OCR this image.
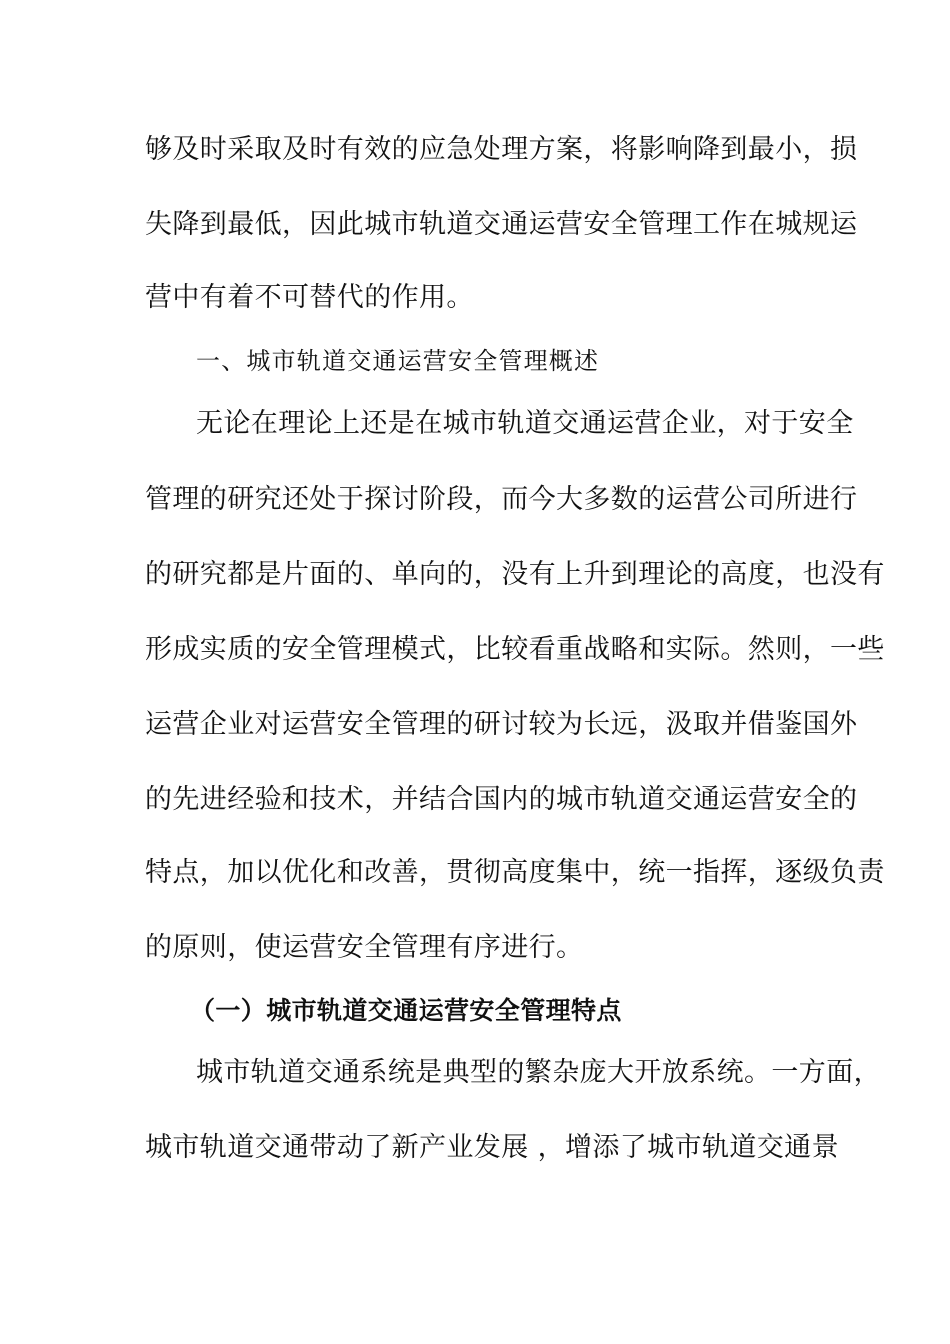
够及时采取及时有效的应急处理方案，将影响降到最小，损
失降到最低，因此城市轨道交通运营安全管理工作在城规运
营中有着不可替代的作用。
一、城市轨道交通运营安全管理概述
无论在理论上还是在城市轨道交通运营企业，对于安全
管理的研究还处于探讨阶段，而今大多数的运营公司所进行
的研究都是片面的、单向的，没有上升到理论的高度，也没有
形成实质的安全管理模式，比较看重战略和实际。然则，一些
运营企业对运营安全管理的研讨较为长远，汲取并借鉴国外
的先进经验和技术，并结合国内的城市轨道交通运营安全的
特点，加以优化和改善，贯彻高度集中，统一指挥，逐级负责
的原则，使运营安全管理有序进行。
（一）城市轨道交通运营安全管理特点
城市轨道交通系统是典型的繁杂庞大开放系统。一方面，
城市轨道交通带动了新产业发展 ，增添了城市轨道交通景
